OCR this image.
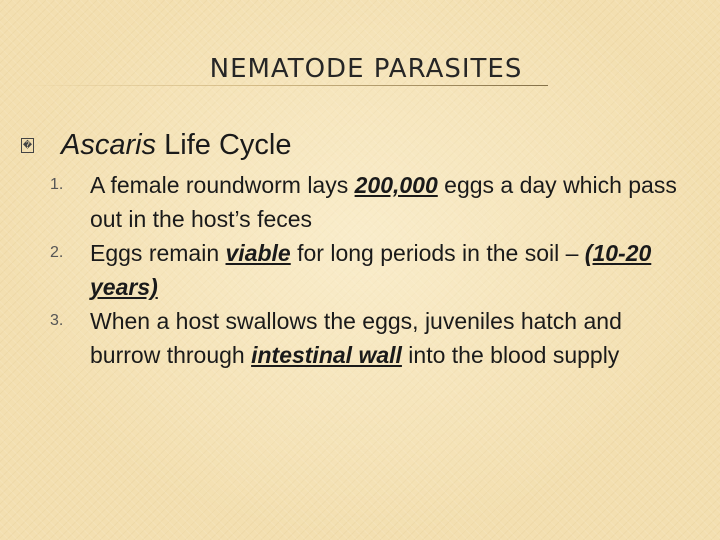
NEMATODE PARASITES
� Ascaris Life Cycle
1. A female roundworm lays 200,000 eggs a day which pass out in the host’s feces
2. Eggs remain viable for long periods in the soil – (10-20 years)
3. When a host swallows the eggs, juveniles hatch and burrow through intestinal wall into the blood supply
